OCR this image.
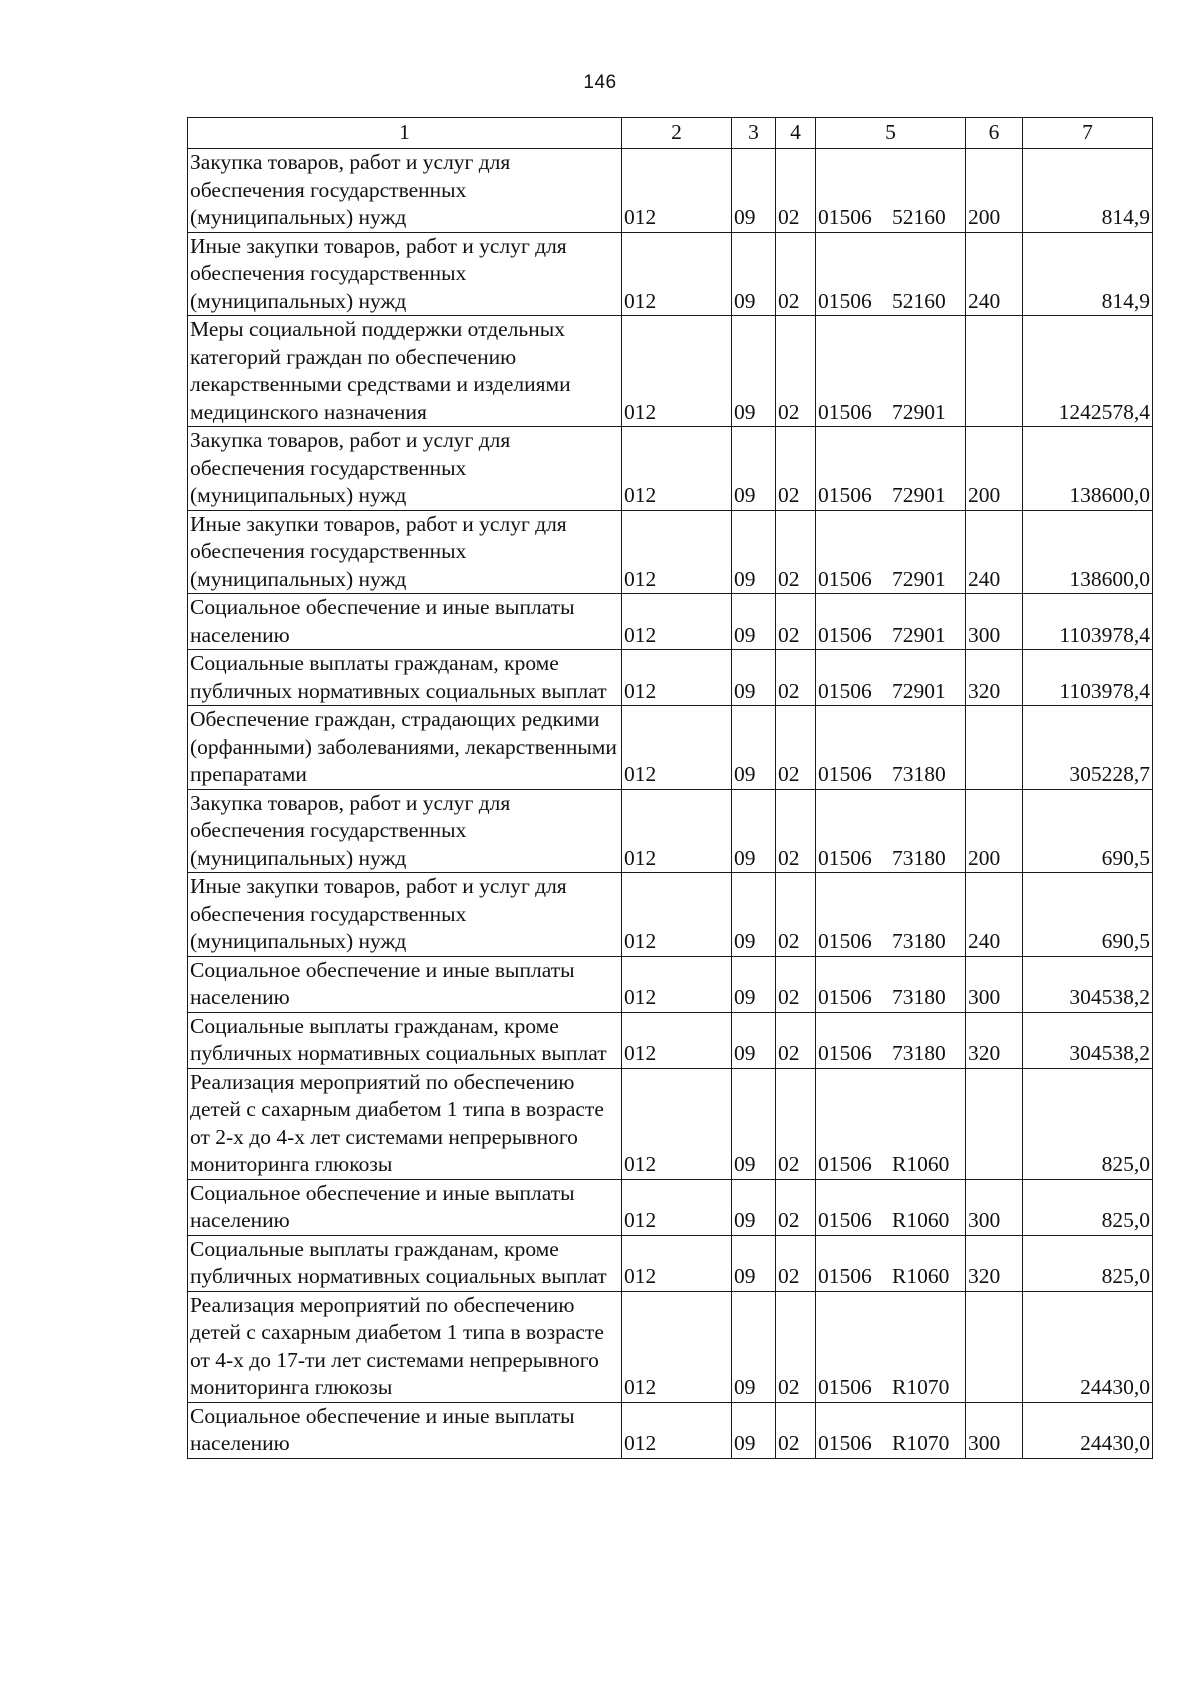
146
1	2	3	4	5	6	7
Закупка товаров, работ и услуг для обеспечения государственных (муниципальных) нужд	012	09	02	01506 52160	200	814,9
Иные закупки товаров, работ и услуг для обеспечения государственных (муниципальных) нужд	012	09	02	01506 52160	240	814,9
Меры социальной поддержки отдельных категорий граждан по обеспечению лекарственными средствами и изделиями медицинского назначения	012	09	02	01506 72901		1242578,4
Закупка товаров, работ и услуг для обеспечения государственных (муниципальных) нужд	012	09	02	01506 72901	200	138600,0
Иные закупки товаров, работ и услуг для обеспечения государственных (муниципальных) нужд	012	09	02	01506 72901	240	138600,0
Социальное обеспечение и иные выплаты населению	012	09	02	01506 72901	300	1103978,4
Социальные выплаты гражданам, кроме публичных нормативных социальных выплат	012	09	02	01506 72901	320	1103978,4
Обеспечение граждан, страдающих редкими (орфанными) заболеваниями, лекарственными препаратами	012	09	02	01506 73180		305228,7
Закупка товаров, работ и услуг для обеспечения государственных (муниципальных) нужд	012	09	02	01506 73180	200	690,5
Иные закупки товаров, работ и услуг для обеспечения государственных (муниципальных) нужд	012	09	02	01506 73180	240	690,5
Социальное обеспечение и иные выплаты населению	012	09	02	01506 73180	300	304538,2
Социальные выплаты гражданам, кроме публичных нормативных социальных выплат	012	09	02	01506 73180	320	304538,2
Реализация мероприятий по обеспечению детей с сахарным диабетом 1 типа в возрасте от 2-х до 4-х лет системами непрерывного мониторинга глюкозы	012	09	02	01506 R1060		825,0
Социальное обеспечение и иные выплаты населению	012	09	02	01506 R1060	300	825,0
Социальные выплаты гражданам, кроме публичных нормативных социальных выплат	012	09	02	01506 R1060	320	825,0
Реализация мероприятий по обеспечению детей с сахарным диабетом 1 типа в возрасте от 4-х до 17-ти лет системами непрерывного мониторинга глюкозы	012	09	02	01506 R1070		24430,0
Социальное обеспечение и иные выплаты населению	012	09	02	01506 R1070	300	24430,0
